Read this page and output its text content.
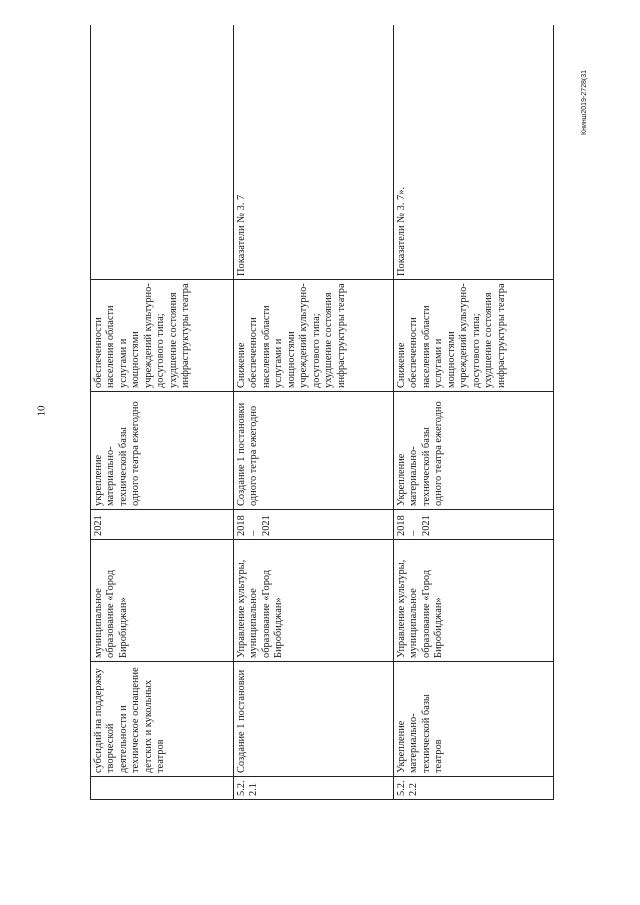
10
Книнш2019-2728(31
	субсидий на поддержку творческой деятельности и техническое оснащение детских и кукольных театров	муниципальное образование «Город Биробиджан»	2021	укрепление материально-технической базы одного театра ежегодно	обеспеченности населения области услугами и мощностями учреждений культурно-досугового типа; ухудшение состояния инфраструктуры театра	
5.2.2.1	Создание 1 постановки	Управление культуры, муниципальное образование «Город Биробиджан»	2018 – 2021	Создание 1 постановки одного тетра ежегодно	Снижение обеспеченности населения области услугами и мощностями учреждений культурно-досугового типа; ухудшение состояния инфраструктуры театра	Показатели № 3. 7
5.2.2.2	Укрепление материально-технической базы театров	Управление культуры, муниципальное образование «Город Биробиджан»	2018 – 2021	Укрепление материально-технической базы одного театра ежегодно	Снижение обеспеченности населения области услугами и мощностями учреждений культурно-досугового типа; ухудшение состояния инфраструктуры театра	Показатели № 3. 7».
